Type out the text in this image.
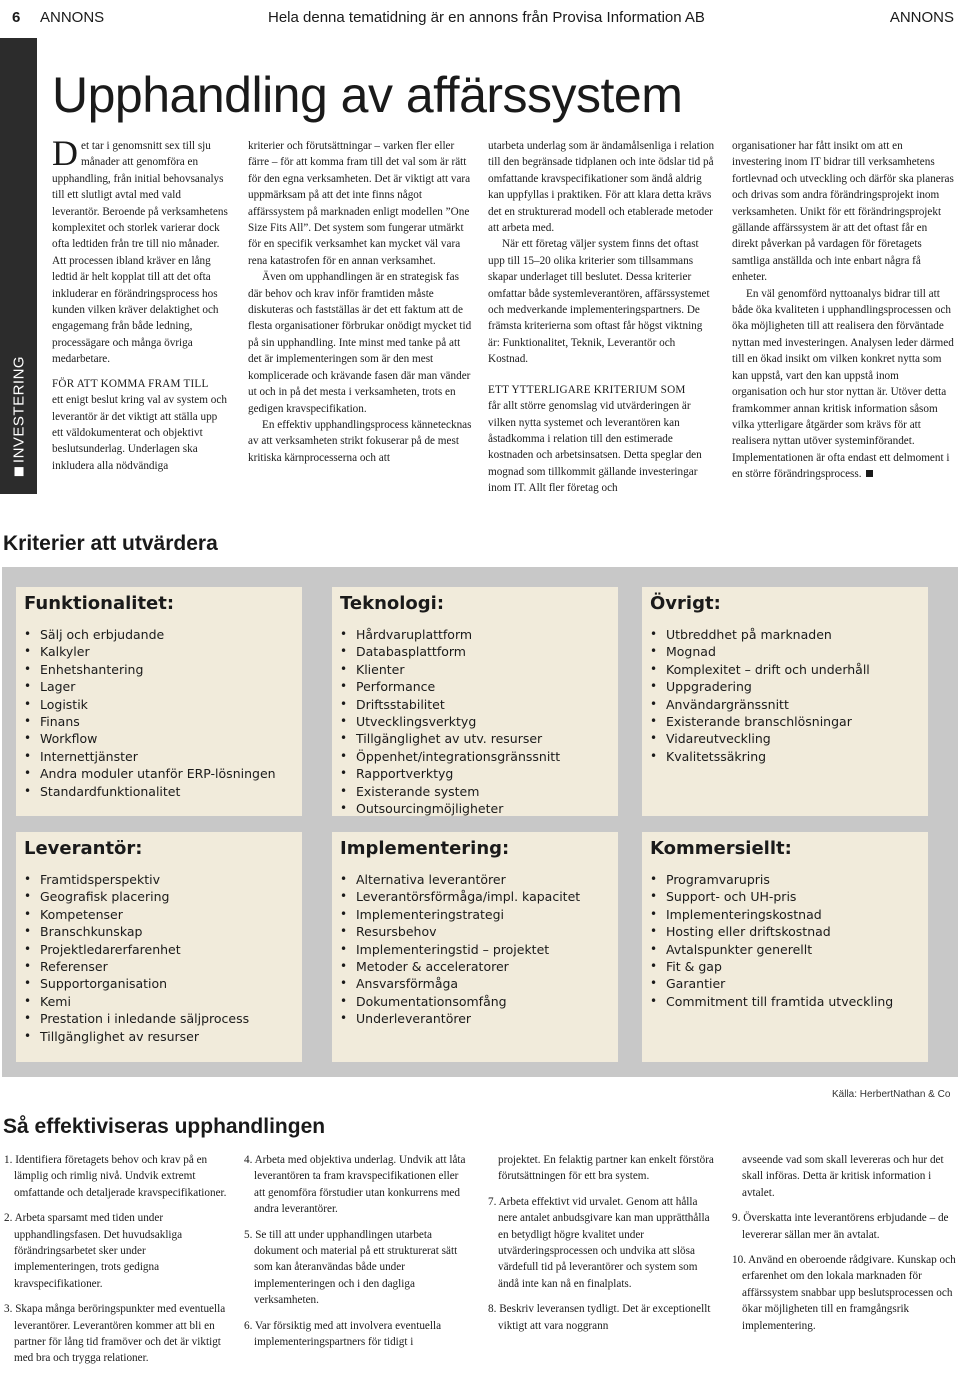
6 ANNONS	Hela denna tematidning är en annons från Provisa Information AB	ANNONS
INVESTERING
Upphandling av affärssystem

Det tar i genomsnitt sex till sju månader att genomföra en upphandling, från initial behovsanalys till ett slutligt avtal med vald leverantör. Beroende på verksamhetens komplexitet och storlek varierar dock ofta ledtiden från tre till nio månader. Att processen ibland kräver en lång ledtid är helt kopplat till att det ofta inkluderar en förändringsprocess hos kunden vilken kräver delaktighet och engagemang från både ledning, processägare och många övriga medarbetare.

FÖR ATT KOMMA FRAM TILL

ett enigt beslut kring val av system och leverantör är det viktigt att ställa upp ett väldokumenterat och objektivt beslutsunderlag. Underlagen ska inkludera alla nödvändiga

kriterier och förutsättningar – varken fler eller färre – för att komma fram till det val som är rätt för den egna verksamheten. Det är viktigt att vara uppmärksam på att det inte finns något affärssystem på marknaden enligt modellen ”One Size Fits All”. Det system som fungerar utmärkt för en specifik verksamhet kan mycket väl vara rena katastrofen för en annan verksamhet.

Även om upphandlingen är en strategisk fas där behov och krav inför framtiden måste diskuteras och fastställas är det ett faktum att de flesta organisationer förbrukar onödigt mycket tid på sin upphandling. Inte minst med tanke på att det är implementeringen som är den mest komplicerade och krävande fasen där man vänder ut och in på det mesta i verksamheten, trots en gedigen kravspecifikation.

En effektiv upphandlingsprocess kännetecknas av att verksamheten strikt fokuserar på de mest kritiska kärnprocesserna och att

utarbeta underlag som är ändamålsenliga i relation till den begränsade tidplanen och inte ödslar tid på omfattande kravspecifikationer som ändå aldrig kan uppfyllas i praktiken. För att klara detta krävs det en strukturerad modell och etablerade metoder att arbeta med.

När ett företag väljer system finns det oftast upp till 15–20 olika kriterier som tillsammans skapar underlaget till beslutet. Dessa kriterier omfattar både systemleverantören, affärssystemet och medverkande implementeringspartners. De främsta kriterierna som oftast får högst viktning är: Funktionalitet, Teknik, Leverantör och Kostnad.

ETT YTTERLIGARE KRITERIUM SOM

får allt större genomslag vid utvärderingen är vilken nytta systemet och leverantören kan åstadkomma i relation till den estimerade kostnaden och arbetsinsatsen. Detta speglar den mognad som tillkommit gällande investeringar inom IT. Allt fler företag och

organisationer har fått insikt om att en investering inom IT bidrar till verksamhetens fortlevnad och utveckling och därför ska planeras och drivas som andra förändringsprojekt inom verksamheten. Unikt för ett förändringsprojekt gällande affärssystem är att det oftast får en direkt påverkan på vardagen för företagets samtliga anställda och inte enbart några få enheter.

En väl genomförd nyttoanalys bidrar till att både öka kvaliteten i upphandlingsprocessen och öka möjligheten till att realisera den förväntade nyttan med investeringen. Analysen leder därmed till en ökad insikt om vilken konkret nytta som kan uppstå, vart den kan uppstå inom organisation och hur stor nyttan är. Utöver detta framkommer annan kritisk information såsom vilka ytterligare åtgärder som krävs för att realisera nyttan utöver systeminförandet. Implementationen är ofta endast ett delmoment i en större förändringsprocess.

Kriterier att utvärdera
Funktionalitet:
• Sälj och erbjudande
• Kalkyler
• Enhetshantering
• Lager
• Logistik
• Finans
• Workflow
• Internettjänster
• Andra moduler utanför ERP-lösningen
• Standardfunktionalitet
Teknologi:
• Hårdvaruplattform
• Databasplattform
• Klienter
• Performance
• Driftsstabilitet
• Utvecklingsverktyg
• Tillgänglighet av utv. resurser
• Öppenhet/integrationsgränssnitt
• Rapportverktyg
• Existerande system
• Outsourcingmöjligheter
Övrigt:
• Utbreddhet på marknaden
• Mognad
• Komplexitet – drift och underhåll
• Uppgradering
• Användargränssnitt
• Existerande branschlösningar
• Vidareutveckling
• Kvalitetssäkring
Leverantör:
• Framtidsperspektiv
• Geografisk placering
• Kompetenser
• Branschkunskap
• Projektledarerfarenhet
• Referenser
• Supportorganisation
• Kemi
• Prestation i inledande säljprocess
• Tillgänglighet av resurser
Implementering:
• Alternativa leverantörer
• Leverantörsförmåga/impl. kapacitet
• Implementeringstrategi
• Resursbehov
• Implementeringstid – projektet
• Metoder & acceleratorer
• Ansvarsförmåga
• Dokumentationsomfång
• Underleverantörer
Kommersiellt:
• Programvarupris
• Support- och UH-pris
• Implementeringskostnad
• Hosting eller driftskostnad
• Avtalspunkter generellt
• Fit & gap
• Garantier
• Commitment till framtida utveckling
Källa: HerbertNathan & Co
Så effektiviseras upphandlingen

1. Identifiera företagets behov och krav på en lämplig och rimlig nivå. Undvik extremt omfattande och detaljerade kravspecifikationer.

2. Arbeta sparsamt med tiden under upphandlingsfasen. Det huvudsakliga förändringsarbetet sker under implementeringen, trots gedigna kravspecifikationer.

3. Skapa många beröringspunkter med eventuella leverantörer. Leverantören kommer att bli en partner för lång tid framöver och det är viktigt med bra och trygga relationer.

4. Arbeta med objektiva underlag. Undvik att låta leverantören ta fram kravspecifikationen eller att genomföra förstudier utan konkurrens med andra leverantörer.

5. Se till att under upphandlingen utarbeta dokument och material på ett strukturerat sätt som kan återanvändas både under implementeringen och i den dagliga verksamheten.

6. Var försiktig med att involvera eventuella implementeringspartners för tidigt i

projektet. En felaktig partner kan enkelt förstöra förutsättningen för ett bra system.

7. Arbeta effektivt vid urvalet. Genom att hålla nere antalet anbudsgivare kan man upprätthålla en betydligt högre kvalitet under utvärderingsprocessen och undvika att slösa värdefull tid på leverantörer och system som ändå inte kan nå en finalplats.

8. Beskriv leveransen tydligt. Det är exceptionellt viktigt att vara noggrann

avseende vad som skall levereras och hur det skall införas. Detta är kritisk information i avtalet.

9. Överskatta inte leverantörens erbjudande – de levererar sällan mer än avtalat.

10. Använd en oberoende rådgivare. Kunskap och erfarenhet om den lokala marknaden för affärssystem snabbar upp beslutsprocessen och ökar möjligheten till en framgångsrik implementering.
